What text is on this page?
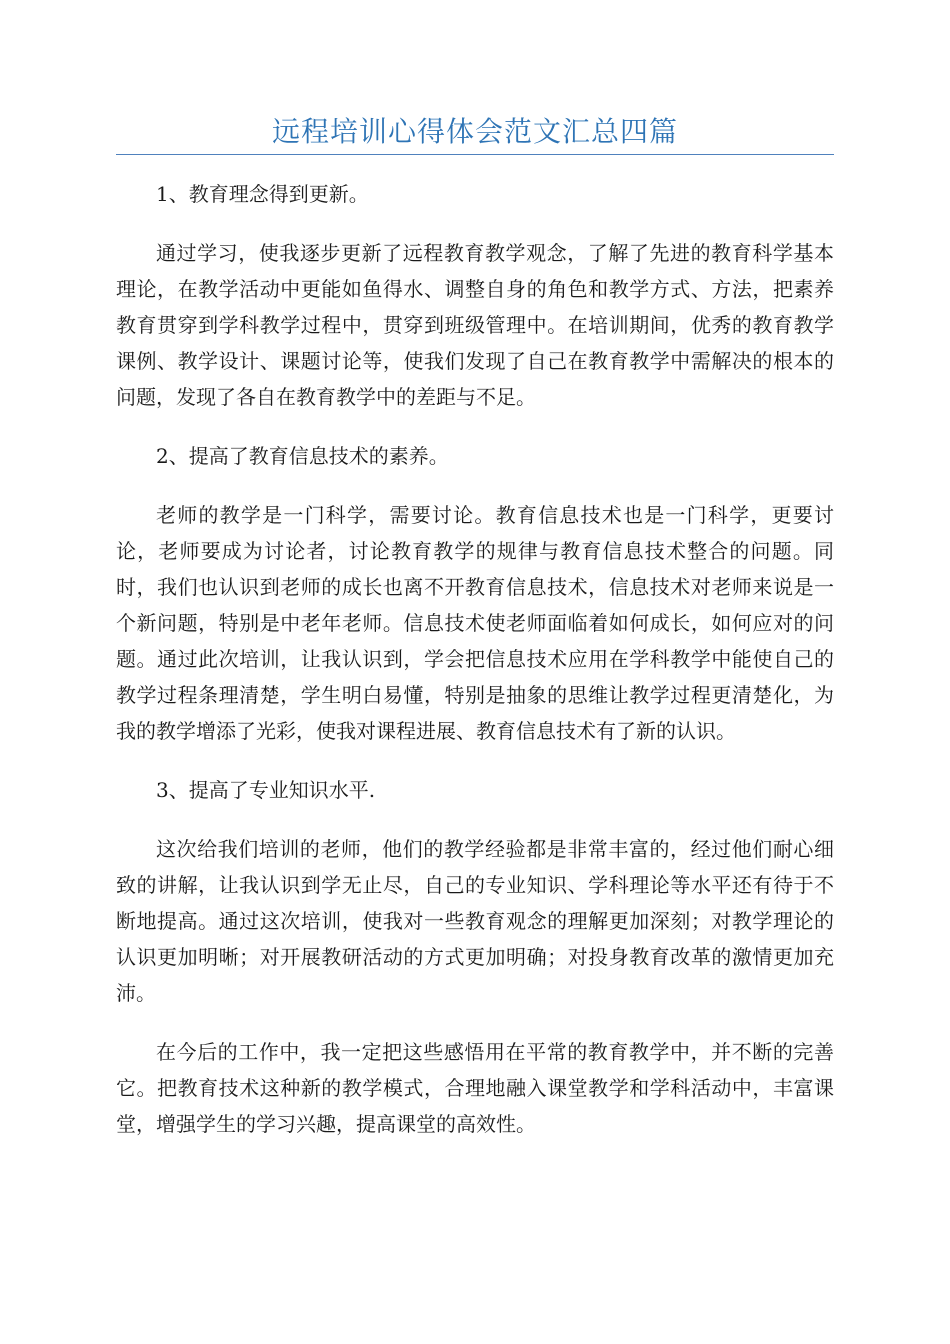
远程培训心得体会范文汇总四篇

1、教育理念得到更新。

通过学习，使我逐步更新了远程教育教学观念，了解了先进的教育科学基本理论，在教学活动中更能如鱼得水、调整自身的角色和教学方式、方法，把素养教育贯穿到学科教学过程中，贯穿到班级管理中。在培训期间，优秀的教育教学课例、教学设计、课题讨论等，使我们发现了自己在教育教学中需解决的根本的问题，发现了各自在教育教学中的差距与不足。

2、提高了教育信息技术的素养。

老师的教学是一门科学，需要讨论。教育信息技术也是一门科学，更要讨论，老师要成为讨论者，讨论教育教学的规律与教育信息技术整合的问题。同时，我们也认识到老师的成长也离不开教育信息技术，信息技术对老师来说是一个新问题，特别是中老年老师。信息技术使老师面临着如何成长，如何应对的问题。通过此次培训，让我认识到，学会把信息技术应用在学科教学中能使自己的教学过程条理清楚，学生明白易懂，特别是抽象的思维让教学过程更清楚化，为我的教学增添了光彩，使我对课程进展、教育信息技术有了新的认识。

3、提高了专业知识水平.

这次给我们培训的老师，他们的教学经验都是非常丰富的，经过他们耐心细致的讲解，让我认识到学无止尽，自己的专业知识、学科理论等水平还有待于不断地提高。通过这次培训，使我对一些教育观念的理解更加深刻；对教学理论的认识更加明晰；对开展教研活动的方式更加明确；对投身教育改革的激情更加充沛。

在今后的工作中，我一定把这些感悟用在平常的教育教学中，并不断的完善它。把教育技术这种新的教学模式，合理地融入课堂教学和学科活动中，丰富课堂，增强学生的学习兴趣，提高课堂的高效性。
